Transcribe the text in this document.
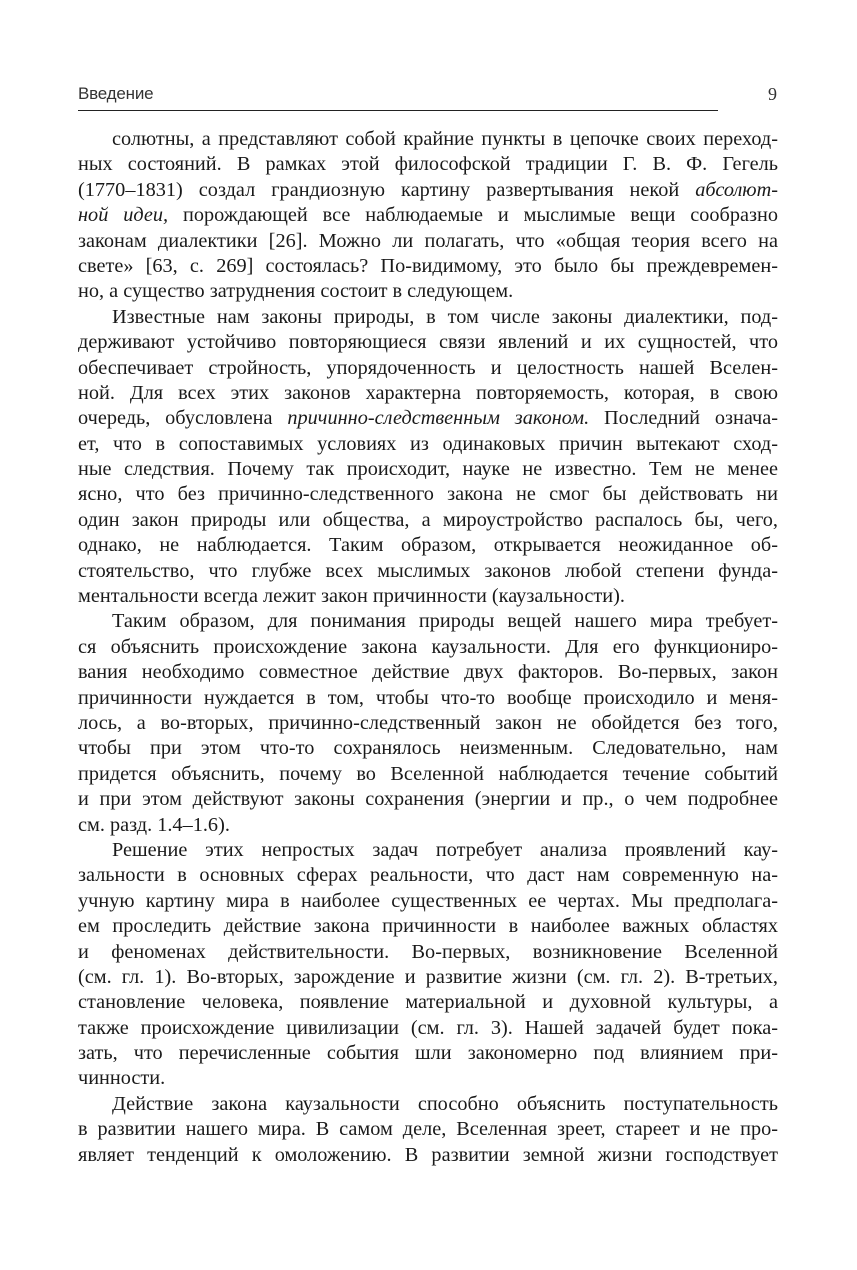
Введение	9
солютны, а представляют собой крайние пункты в цепочке своих переход-
ных состояний. В рамках этой философской традиции Г. В. Ф. Гегель
(1770–1831) создал грандиозную картину развертывания некой абсолют-
ной идеи, порождающей все наблюдаемые и мыслимые вещи сообразно
законам диалектики [26]. Можно ли полагать, что «общая теория всего на
свете» [63, с. 269] состоялась? По-видимому, это было бы преждевремен-
но, а существо затруднения состоит в следующем.
Известные нам законы природы, в том числе законы диалектики, под-
держивают устойчиво повторяющиеся связи явлений и их сущностей, что
обеспечивает стройность, упорядоченность и целостность нашей Вселен-
ной. Для всех этих законов характерна повторяемость, которая, в свою
очередь, обусловлена причинно-следственным законом. Последний означа-
ет, что в сопоставимых условиях из одинаковых причин вытекают сход-
ные следствия. Почему так происходит, науке не известно. Тем не менее
ясно, что без причинно-следственного закона не смог бы действовать ни
один закон природы или общества, а мироустройство распалось бы, чего,
однако, не наблюдается. Таким образом, открывается неожиданное об-
стоятельство, что глубже всех мыслимых законов любой степени фунда-
ментальности всегда лежит закон причинности (каузальности).
Таким образом, для понимания природы вещей нашего мира требует-
ся объяснить происхождение закона каузальности. Для его функциониро-
вания необходимо совместное действие двух факторов. Во-первых, закон
причинности нуждается в том, чтобы что-то вообще происходило и меня-
лось, а во-вторых, причинно-следственный закон не обойдется без того,
чтобы при этом что-то сохранялось неизменным. Следовательно, нам
придется объяснить, почему во Вселенной наблюдается течение событий
и при этом действуют законы сохранения (энергии и пр., о чем подробнее
см. разд. 1.4–1.6).
Решение этих непростых задач потребует анализа проявлений кау-
зальности в основных сферах реальности, что даст нам современную на-
учную картину мира в наиболее существенных ее чертах. Мы предполага-
ем проследить действие закона причинности в наиболее важных областях
и феноменах действительности. Во-первых, возникновение Вселенной
(см. гл. 1). Во-вторых, зарождение и развитие жизни (см. гл. 2). В-третьих,
становление человека, появление материальной и духовной культуры, а
также происхождение цивилизации (см. гл. 3). Нашей задачей будет пока-
зать, что перечисленные события шли закономерно под влиянием при-
чинности.
Действие закона каузальности способно объяснить поступательность
в развитии нашего мира. В самом деле, Вселенная зреет, стареет и не про-
являет тенденций к омоложению. В развитии земной жизни господствует
